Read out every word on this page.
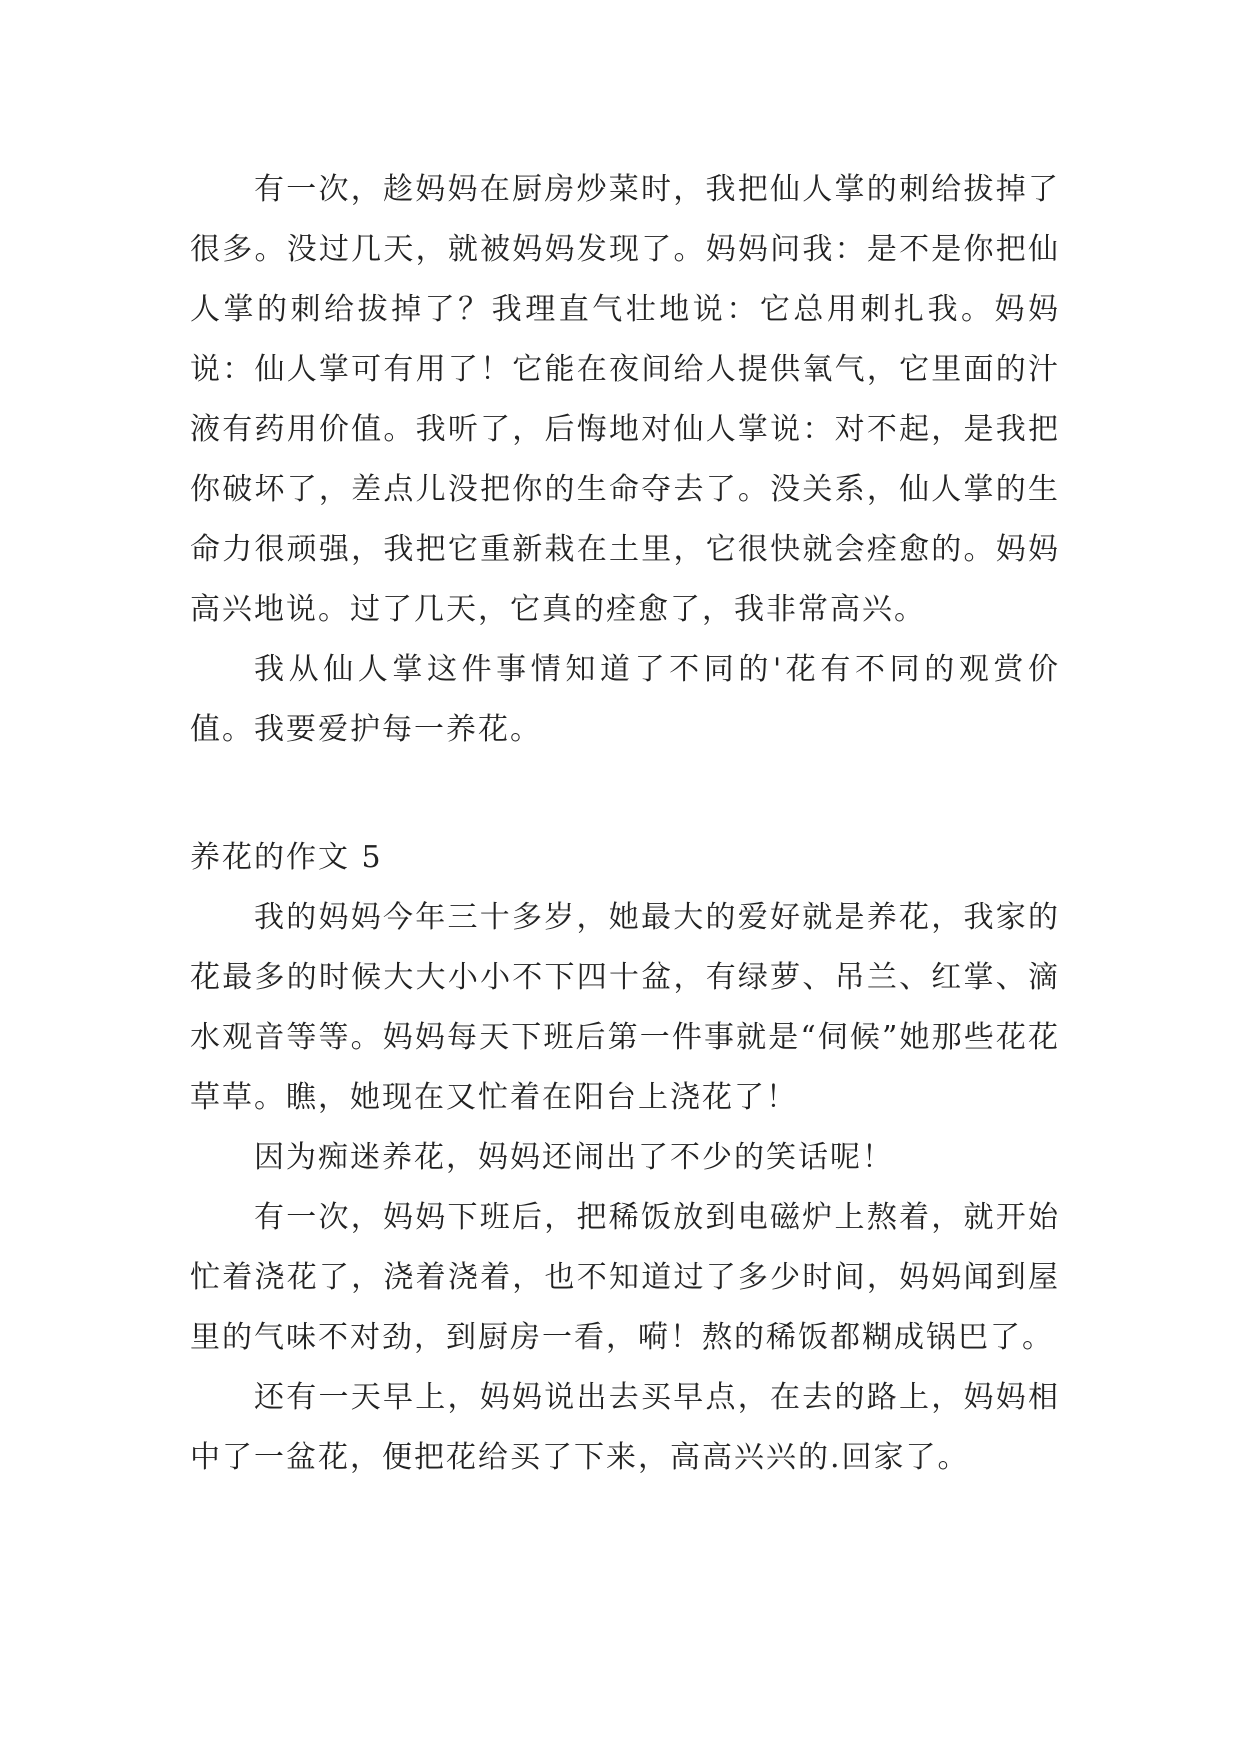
有一次，趁妈妈在厨房炒菜时，我把仙人掌的刺给拔掉了很多。没过几天，就被妈妈发现了。妈妈问我：是不是你把仙人掌的刺给拔掉了？我理直气壮地说：它总用刺扎我。妈妈说：仙人掌可有用了！它能在夜间给人提供氧气，它里面的汁液有药用价值。我听了，后悔地对仙人掌说：对不起，是我把你破坏了，差点儿没把你的生命夺去了。没关系，仙人掌的生命力很顽强，我把它重新栽在土里，它很快就会痊愈的。妈妈高兴地说。过了几天，它真的痊愈了，我非常高兴。

我从仙人掌这件事情知道了不同的'花有不同的观赏价值。我要爱护每一养花。

养花的作文 5

我的妈妈今年三十多岁，她最大的爱好就是养花，我家的花最多的时候大大小小不下四十盆，有绿萝、吊兰、红掌、滴水观音等等。妈妈每天下班后第一件事就是“伺候”她那些花花草草。瞧，她现在又忙着在阳台上浇花了！

因为痴迷养花，妈妈还闹出了不少的笑话呢！

有一次，妈妈下班后，把稀饭放到电磁炉上熬着，就开始忙着浇花了，浇着浇着，也不知道过了多少时间，妈妈闻到屋里的气味不对劲，到厨房一看，嗬！熬的稀饭都糊成锅巴了。

还有一天早上，妈妈说出去买早点，在去的路上，妈妈相中了一盆花，便把花给买了下来，高高兴兴的.回家了。
